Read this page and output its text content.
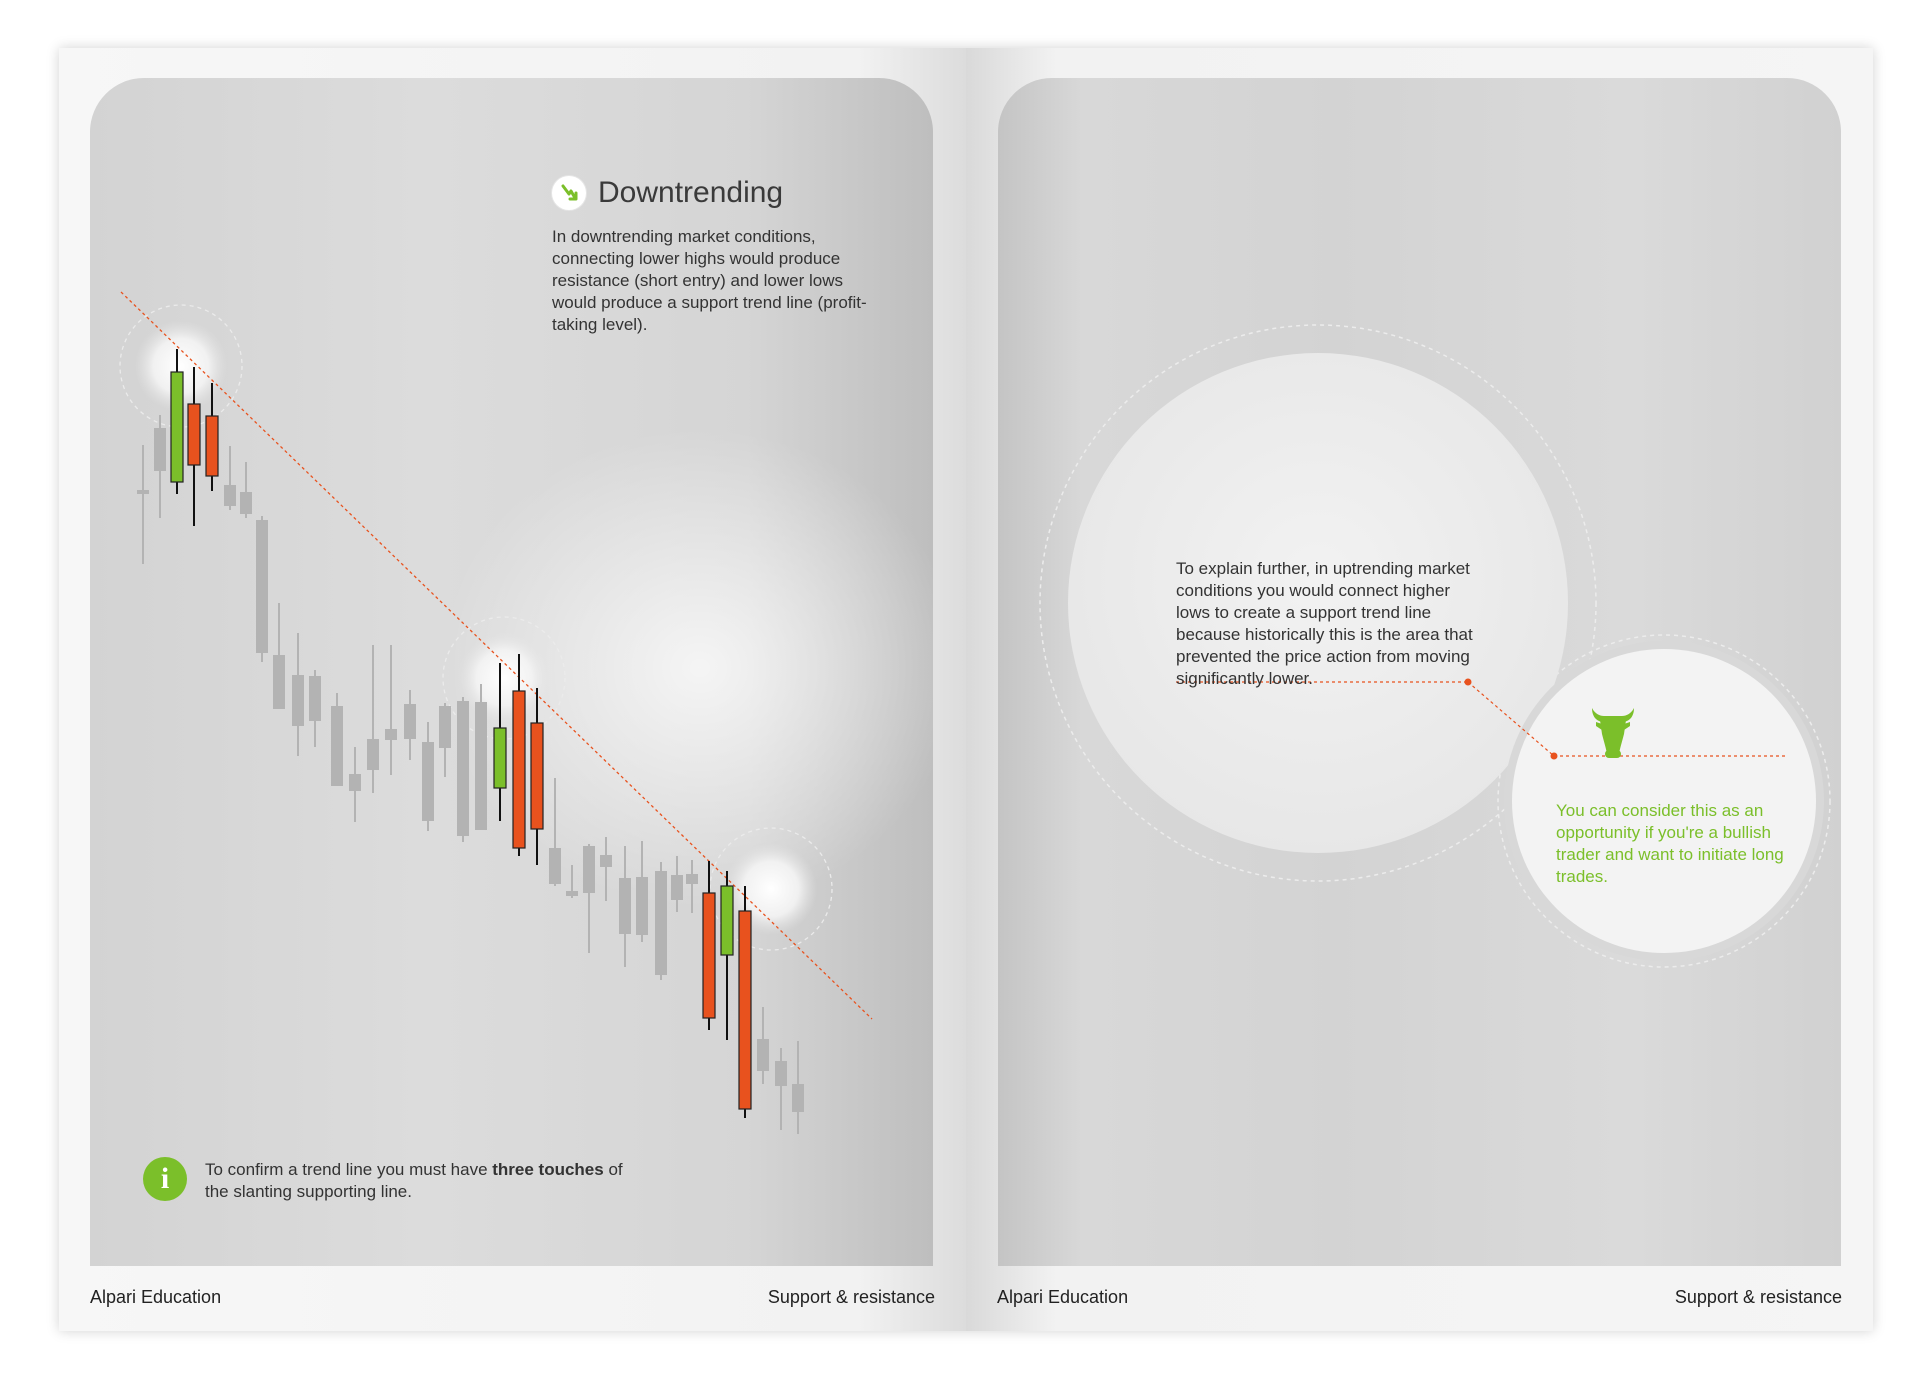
Downtrending
In downtrending market conditions, connecting lower highs would produce resistance (short entry) and lower lows would produce a support trend line (profit-taking level).
i	To confirm a trend line you must have three touches of the slanting supporting line.
Alpari Education	Support & resistance
To explain further, in uptrending market conditions you would connect higher lows to create a support trend line because historically this is the area that prevented the price action from moving significantly lower.
You can consider this as an opportunity if you're a bullish trader and want to initiate long trades.
Alpari Education	Support & resistance
